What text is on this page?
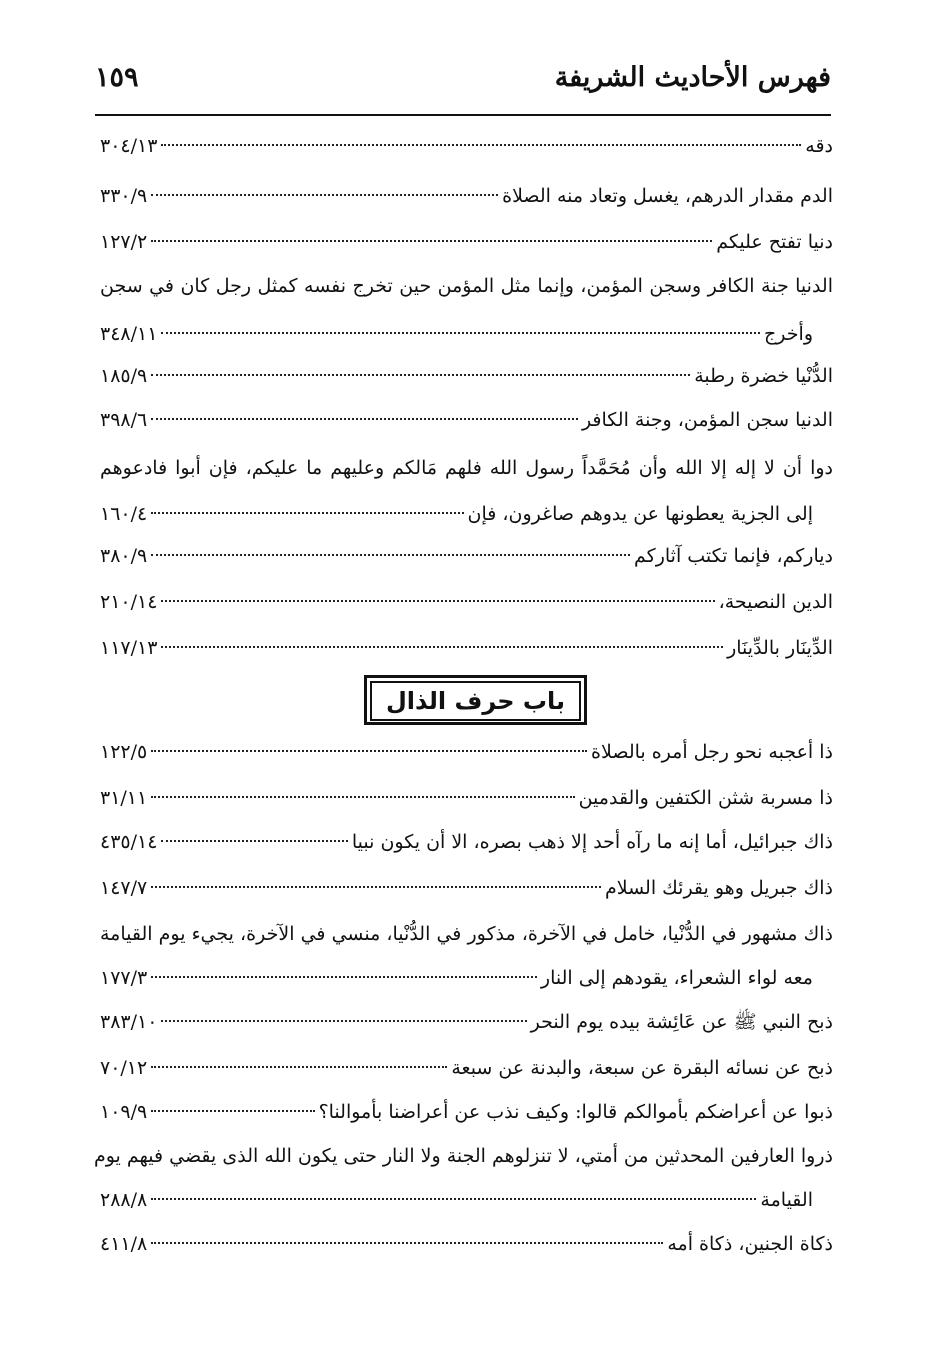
فهرس الأحاديث الشريفة
١٥٩
دقه
٣٠٤/١٣
الدم مقدار الدرهم، يغسل وتعاد منه الصلاة
٣٣٠/٩
دنيا تفتح عليكم
١٢٧/٢
الدنيا جنة الكافر وسجن المؤمن، وإنما مثل المؤمن حين تخرج نفسه كمثل رجل كان في سجن
وأخرج
٣٤٨/١١
الدُّنْيا خضرة رطبة
١٨٥/٩
الدنيا سجن المؤمن، وجنة الكافر
٣٩٨/٦
دوا أن لا إله إلا الله وأن مُحَمَّداً رسول الله فلهم مَالكم وعليهم ما عليكم، فإن أبوا فادعوهم
إلى الجزية يعطونها عن يدوهم صاغرون، فإن
١٦٠/٤
دياركم، فإنما تكتب آثاركم
٣٨٠/٩
الدين النصيحة،
٢١٠/١٤
الدِّينَار بالدِّينَار
١١٧/١٣
باب حرف الذال
ذا أعجبه نحو رجل أمره بالصلاة
١٢٢/٥
ذا مسربة شثن الكتفين والقدمين
٣١/١١
ذاك جبرائيل، أما إنه ما رآه أحد إلا ذهب بصره، الا أن يكون نبيا
٤٣٥/١٤
ذاك جبريل وهو يقرئك السلام
١٤٧/٧
ذاك مشهور في الدُّنْيا، خامل في الآخرة، مذكور في الدُّنْيا، منسي في الآخرة، يجيء يوم القيامة
معه لواء الشعراء، يقودهم إلى النار
١٧٧/٣
ذبح النبي ﷺ عن عَائِشة بيده يوم النحر
٣٨٣/١٠
ذبح عن نسائه البقرة عن سبعة، والبدنة عن سبعة
٧٠/١٢
ذبوا عن أعراضكم بأموالكم قالوا: وكيف نذب عن أعراضنا بأموالنا؟
١٠٩/٩
ذروا العارفين المحدثين من أمتي، لا تنزلوهم الجنة ولا النار حتى يكون الله الذى يقضي فيهم يوم
القيامة
٢٨٨/٨
ذكاة الجنين، ذكاة أمه
٤١١/٨
